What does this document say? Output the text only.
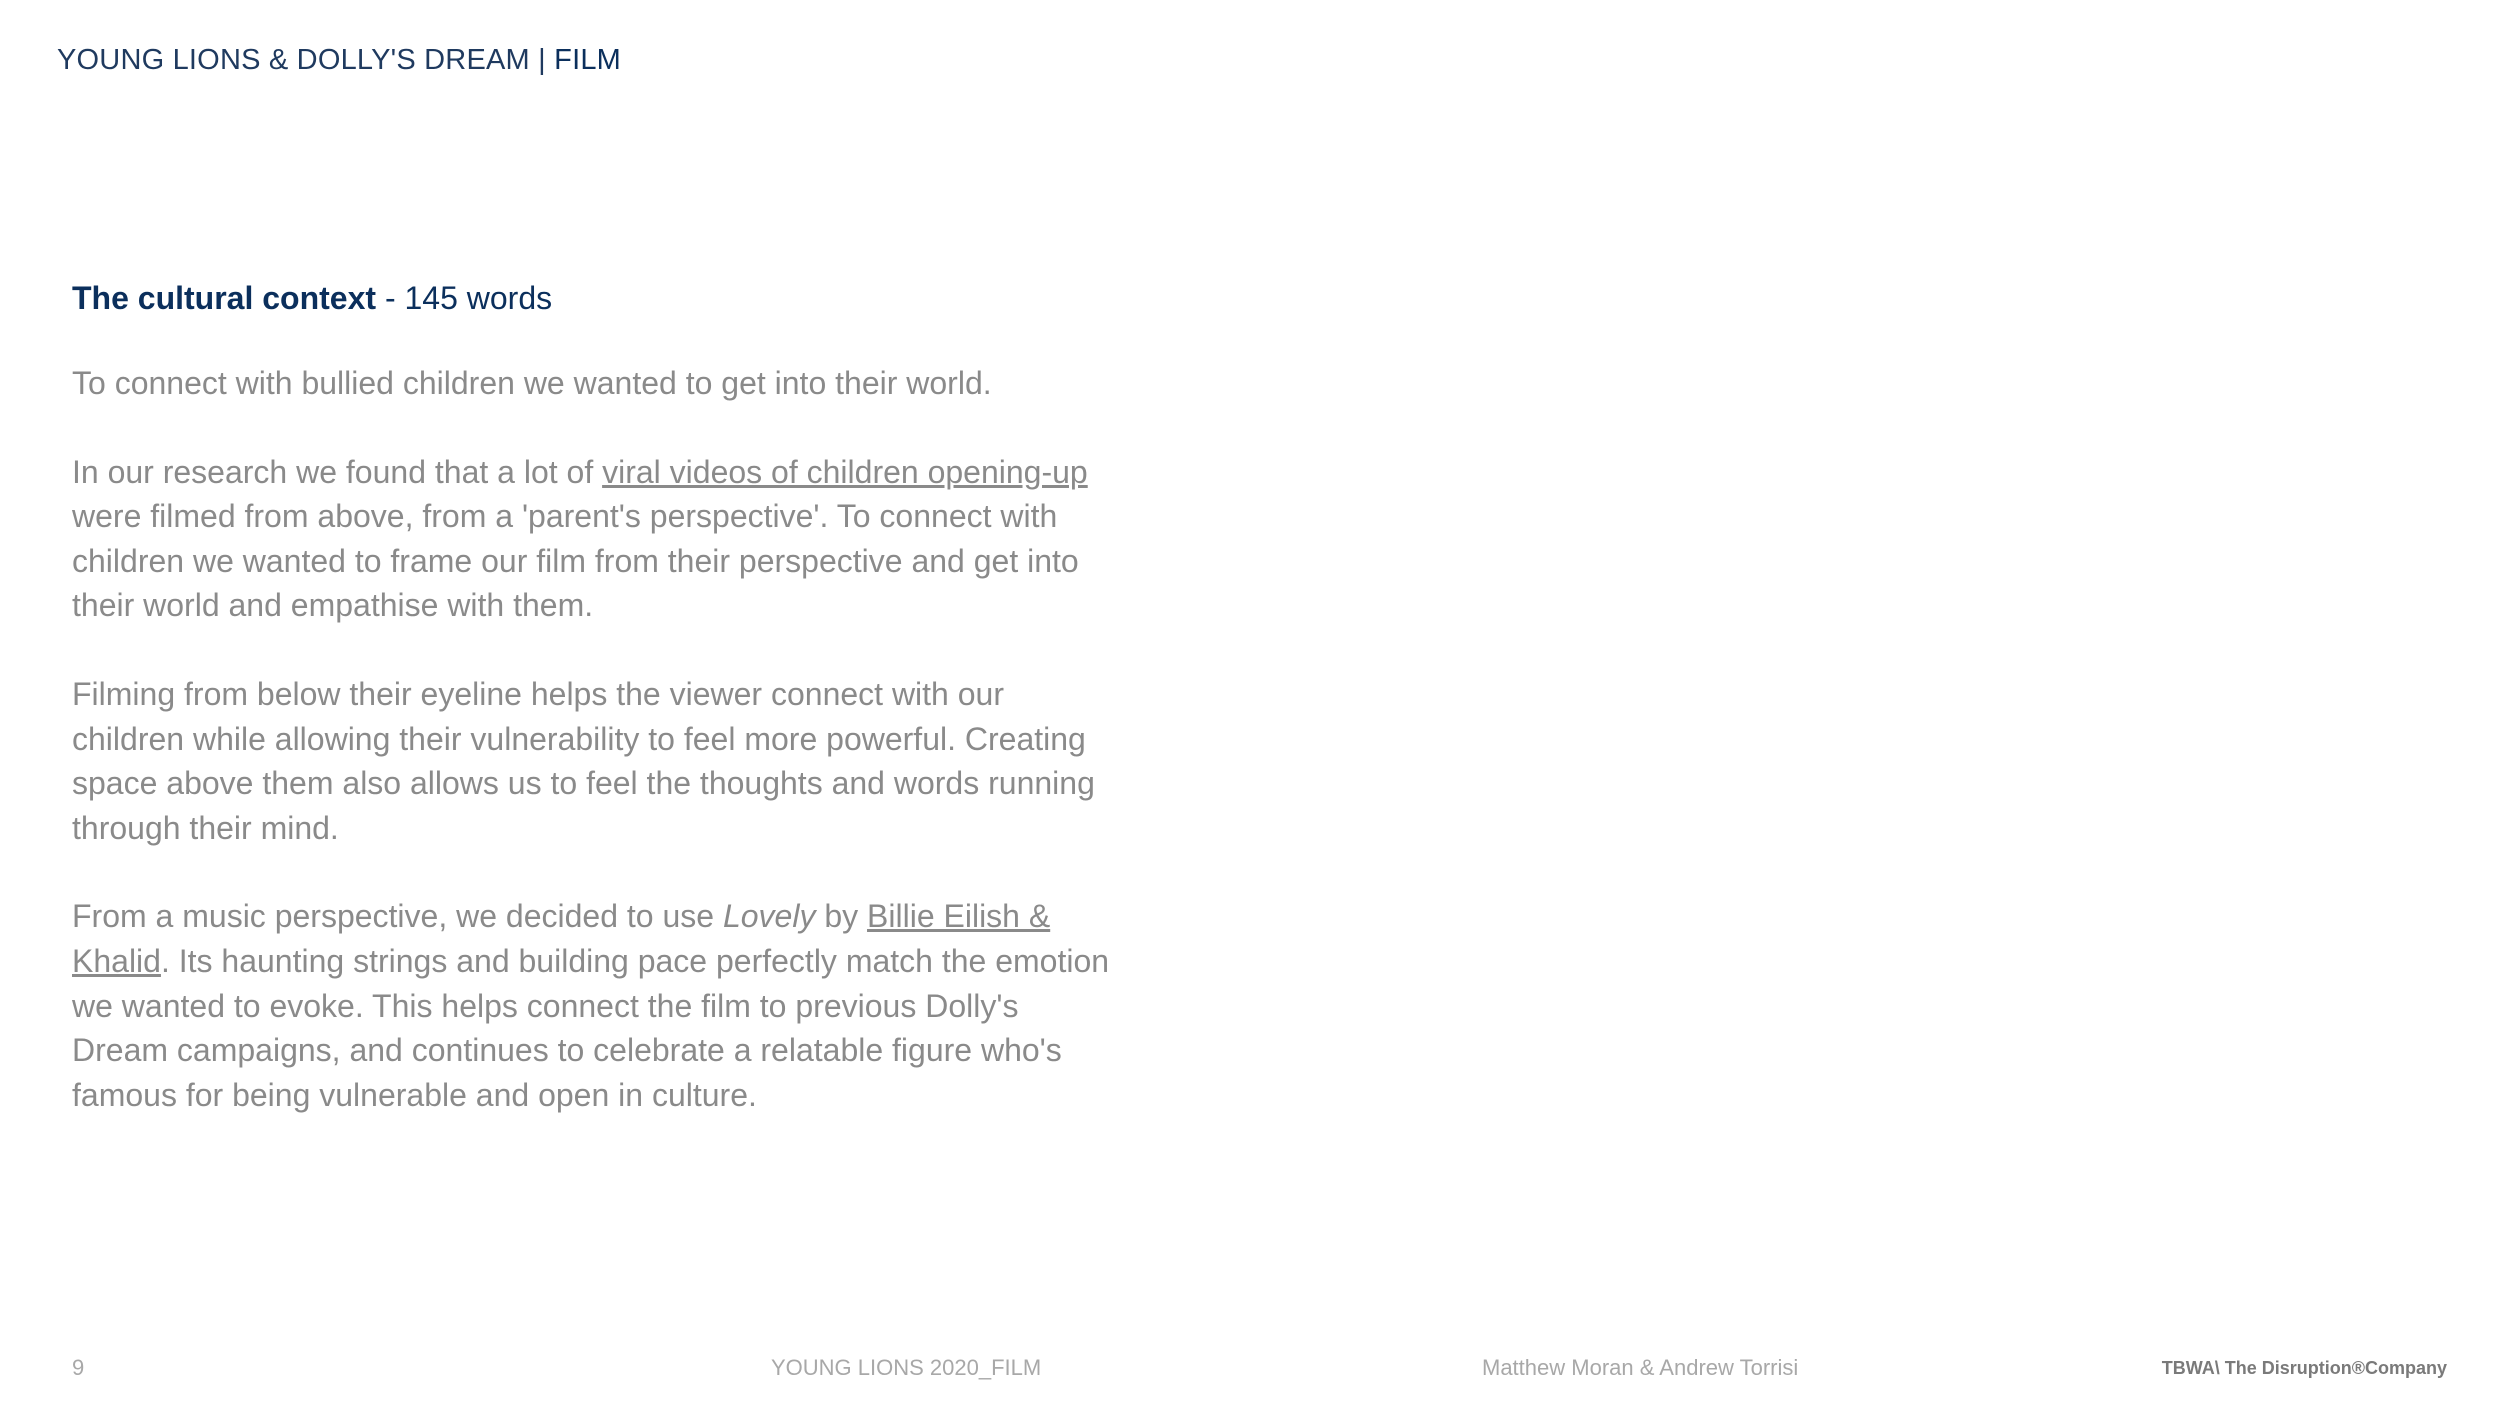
YOUNG LIONS & DOLLY'S DREAM | FILM
The cultural context - 145 words

To connect with bullied children we wanted to get into their world.

In our research we found that a lot of viral videos of children opening-up were filmed from above, from a 'parent's perspective'. To connect with children we wanted to frame our film from their perspective and get into their world and empathise with them.

Filming from below their eyeline helps the viewer connect with our children while allowing their vulnerability to feel more powerful. Creating space above them also allows us to feel the thoughts and words running through their mind.

From a music perspective, we decided to use Lovely by Billie Eilish & Khalid. Its haunting strings and building pace perfectly match the emotion we wanted to evoke. This helps connect the film to previous Dolly's Dream campaigns, and continues to celebrate a relatable figure who's famous for being vulnerable and open in culture.

9	YOUNG LIONS 2020_FILM	Matthew Moran & Andrew Torrisi	TBWA\ The Disruption®Company
